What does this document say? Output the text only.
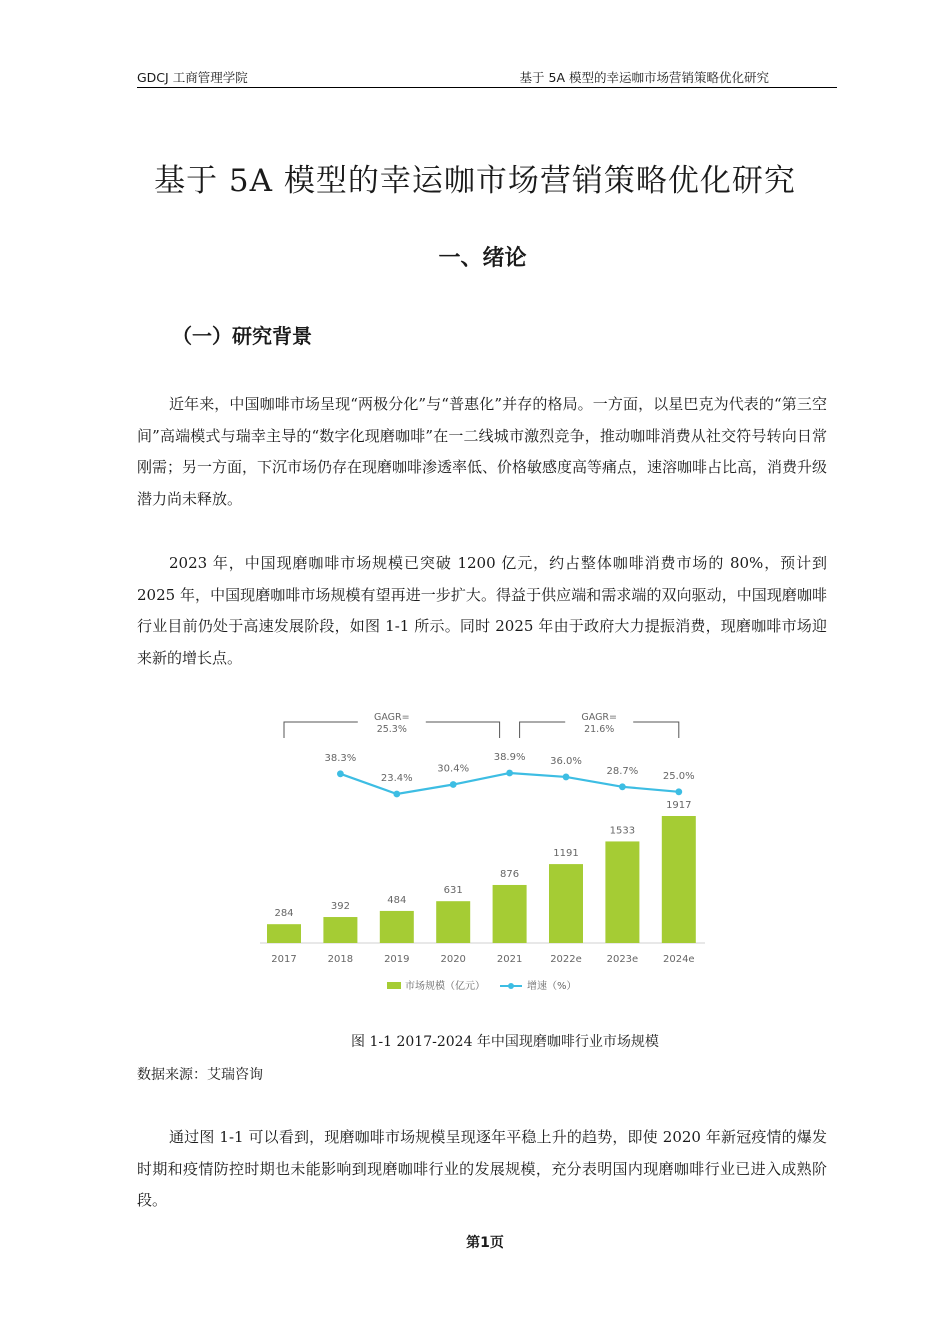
GDCJ 工商管理学院	基于 5A 模型的幸运咖市场营销策略优化研究
基于 5A 模型的幸运咖市场营销策略优化研究
一、绪论
（一）研究背景

近年来，中国咖啡市场呈现“两极分化”与“普惠化”并存的格局。一方面，以星巴克为代表的“第三空间”高端模式与瑞幸主导的“数字化现磨咖啡”在一二线城市激烈竞争，推动咖啡消费从社交符号转向日常刚需；另一方面，下沉市场仍存在现磨咖啡渗透率低、价格敏感度高等痛点，速溶咖啡占比高，消费升级潜力尚未释放。

2023 年，中国现磨咖啡市场规模已突破 1200 亿元，约占整体咖啡消费市场的 80%，预计到 2025 年，中国现磨咖啡市场规模有望再进一步扩大。得益于供应端和需求端的双向驱动，中国现磨咖啡行业目前仍处于高速发展阶段，如图 1-1 所示。同时 2025 年由于政府大力提振消费，现磨咖啡市场迎来新的增长点。

284
2017
392
2018
484
2019
631
2020
876
2021
1191
2022e
1533
2023e
1917
2024e
38.3%
23.4%
30.4%
38.9% 36.0%
28.7% 25.0%
GAGR=
25.3%
GAGR=
21.6%
市场规模（亿元）	增速（%）
图 1-1 2017-2024 年中国现磨咖啡行业市场规模
数据来源：艾瑞咨询

通过图 1-1 可以看到，现磨咖啡市场规模呈现逐年平稳上升的趋势，即使 2020 年新冠疫情的爆发时期和疫情防控时期也未能影响到现磨咖啡行业的发展规模，充分表明国内现磨咖啡行业已进入成熟阶段。

第1页
